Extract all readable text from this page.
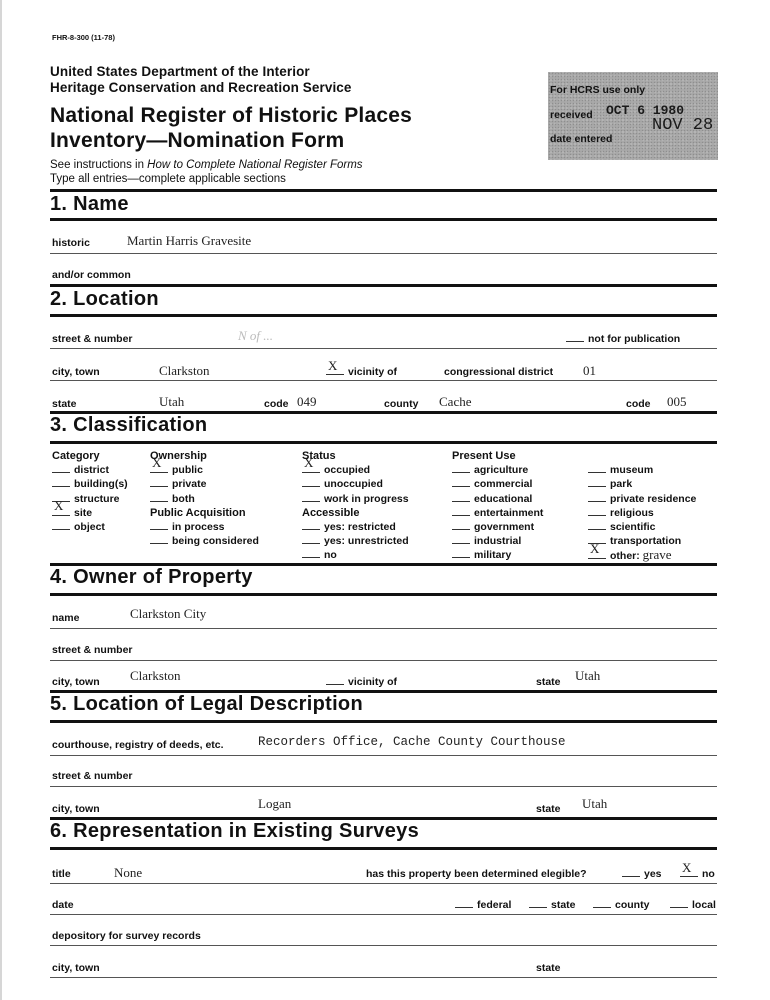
FHR-8-300 (11-78)
United States Department of the Interior
Heritage Conservation and Recreation Service
National Register of Historic Places
Inventory—Nomination Form
See instructions in How to Complete National Register Forms
Type all entries—complete applicable sections
For HCRS use only
received OCT 6 1980
NOV 28
date entered
1. Name
historic	Martin Harris Gravesite
and/or common
2. Location
street & number	N of ...	not for publication
city, town	Clarkston X	vicinity of	congressional district 01
state	Utah	code 049	county Cache	code 005
3. Classification
Category
district
building(s)
structure
Xsite
object
Ownership
Xpublic
private
both
Public Acquisition
in process
being considered
Status
Xoccupied
unoccupied
work in progress
Accessible
yes: restricted
yes: unrestricted
no
Present Use
agriculture
commercial
educational
entertainment
government
industrial
military
museum
park
private residence
religious
scientific
transportation
Xother: grave
4. Owner of Property
name	Clarkston City
street & number
city, town Clarkston	vicinity of	state Utah
5. Location of Legal Description
courthouse, registry of deeds, etc.	Recorders Office, Cache County Courthouse
street & number
city, town	Logan	state Utah
6. Representation in Existing Surveys
title	None	has this property been determined elegible?	yes X	no
date	federal	state	county	local
depository for survey records
city, town	state
